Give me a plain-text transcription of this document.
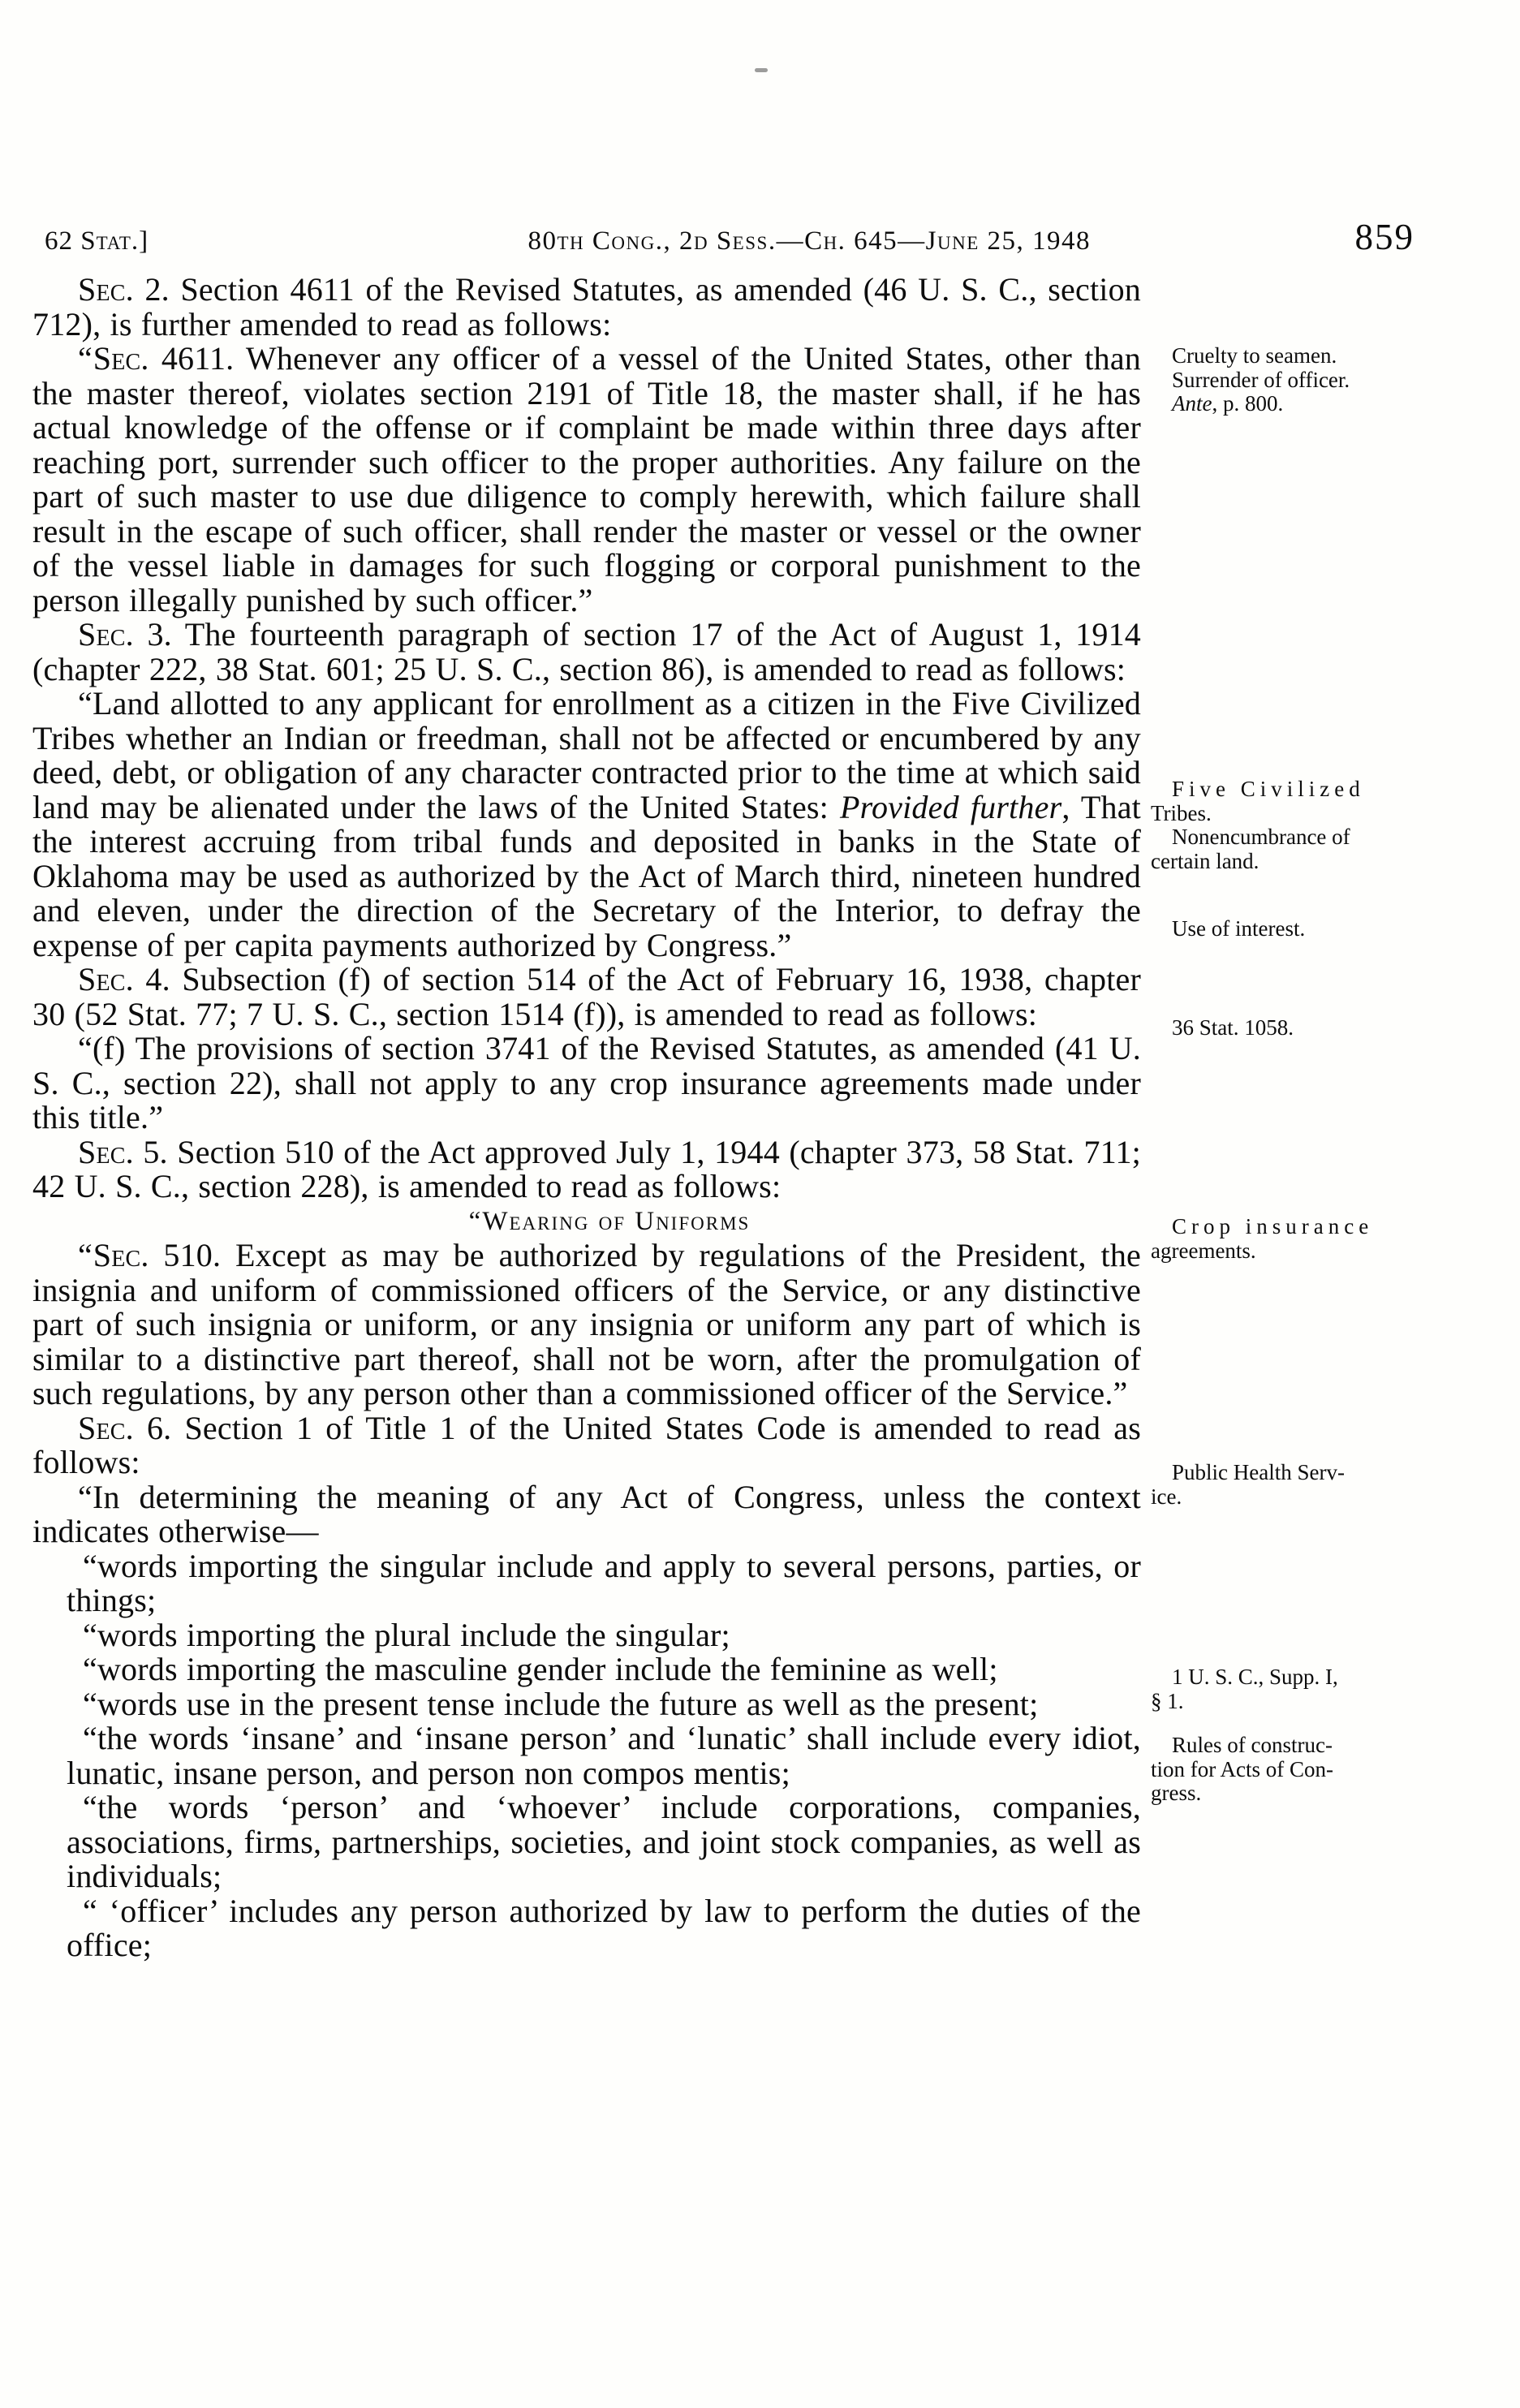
62 Stat.]	80th Cong., 2d Sess.—Ch. 645—June 25, 1948	859

Sec. 2. Section 4611 of the Revised Statutes, as amended (46 U. S. C., section 712), is further amended to read as follows:

“Sec. 4611. Whenever any officer of a vessel of the United States, other than the master thereof, violates section 2191 of Title 18, the master shall, if he has actual knowledge of the offense or if complaint be made within three days after reaching port, surrender such officer to the proper authorities. Any failure on the part of such master to use due diligence to comply herewith, which failure shall result in the escape of such officer, shall render the master or vessel or the owner of the vessel liable in damages for such flogging or corporal punishment to the person illegally punished by such officer.”

Sec. 3. The fourteenth paragraph of section 17 of the Act of August 1, 1914 (chapter 222, 38 Stat. 601; 25 U. S. C., section 86), is amended to read as follows:

“Land allotted to any applicant for enrollment as a citizen in the Five Civilized Tribes whether an Indian or freedman, shall not be affected or encumbered by any deed, debt, or obligation of any character contracted prior to the time at which said land may be alienated under the laws of the United States: Provided further, That the interest accruing from tribal funds and deposited in banks in the State of Oklahoma may be used as authorized by the Act of March third, nineteen hundred and eleven, under the direction of the Secretary of the Interior, to defray the expense of per capita payments authorized by Congress.”

Sec. 4. Subsection (f) of section 514 of the Act of February 16, 1938, chapter 30 (52 Stat. 77; 7 U. S. C., section 1514 (f)), is amended to read as follows:

“(f) The provisions of section 3741 of the Revised Statutes, as amended (41 U. S. C., section 22), shall not apply to any crop insurance agreements made under this title.”

Sec. 5. Section 510 of the Act approved July 1, 1944 (chapter 373, 58 Stat. 711; 42 U. S. C., section 228), is amended to read as follows:

“Wearing of Uniforms

“Sec. 510. Except as may be authorized by regulations of the President, the insignia and uniform of commissioned officers of the Service, or any distinctive part of such insignia or uniform, or any insignia or uniform any part of which is similar to a distinctive part thereof, shall not be worn, after the promulgation of such regulations, by any person other than a commissioned officer of the Service.”

Sec. 6. Section 1 of Title 1 of the United States Code is amended to read as follows:

“In determining the meaning of any Act of Congress, unless the context indicates otherwise—

“words importing the singular include and apply to several persons, parties, or things;

“words importing the plural include the singular;

“words importing the masculine gender include the feminine as well;

“words use in the present tense include the future as well as the present;

“the words ‘insane’ and ‘insane person’ and ‘lunatic’ shall include every idiot, lunatic, insane person, and person non compos mentis;

“the words ‘person’ and ‘whoever’ include corporations, companies, associations, firms, partnerships, societies, and joint stock companies, as well as individuals;

“ ‘officer’ includes any person authorized by law to perform the duties of the office;

Cruelty to seamen.
Surrender of officer.
Ante, p. 800.
Five Civilized
Tribes.
Nonencumbrance of
certain land.
Use of interest.
36 Stat. 1058.
Crop insurance
agreements.
Public Health Serv-
ice.
1 U. S. C., Supp. I,
§ 1.
Rules of construc-
tion for Acts of Con-
gress.
